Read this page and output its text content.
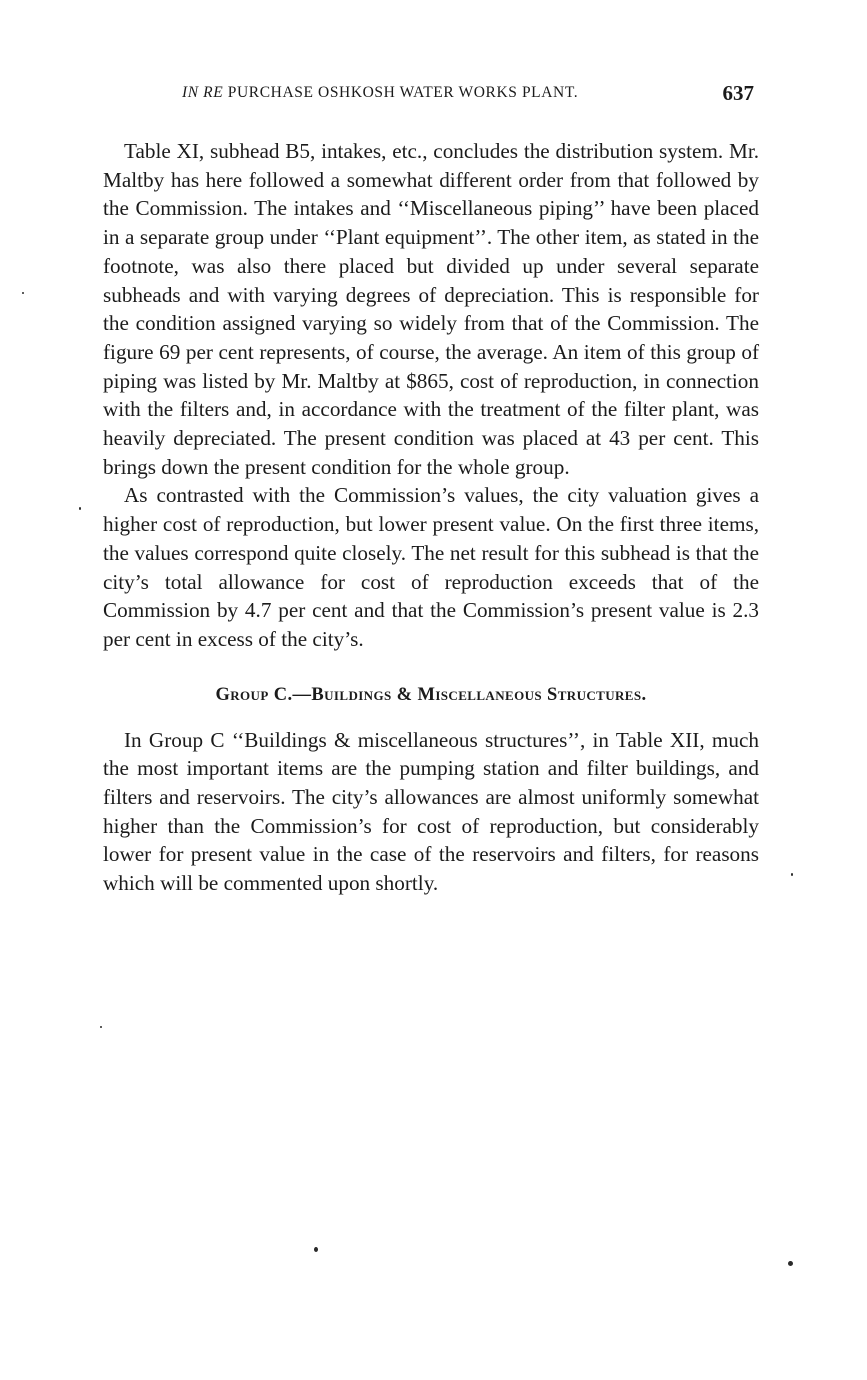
IN RE PURCHASE OSHKOSH WATER WORKS PLANT.	637

Table XI, subhead B5, intakes, etc., concludes the distribution system. Mr. Maltby has here followed a somewhat different order from that followed by the Commission. The intakes and ‘‘Miscellaneous piping’’ have been placed in a separate group under ‘‘Plant equipment’’. The other item, as stated in the footnote, was also there placed but divided up under several separate subheads and with varying degrees of depreciation. This is responsible for the condition assigned varying so widely from that of the Commission. The figure 69 per cent represents, of course, the average. An item of this group of piping was listed by Mr. Maltby at $865, cost of reproduction, in connection with the filters and, in accordance with the treatment of the filter plant, was heavily depreciated. The present condition was placed at 43 per cent. This brings down the present condition for the whole group.

As contrasted with the Commission’s values, the city valuation gives a higher cost of reproduction, but lower present value. On the first three items, the values correspond quite closely. The net result for this subhead is that the city’s total allowance for cost of reproduction exceeds that of the Commission by 4.7 per cent and that the Commission’s present value is 2.3 per cent in excess of the city’s.

Group C.—Buildings & Miscellaneous Structures.

In Group C ‘‘Buildings & miscellaneous structures’’, in Table XII, much the most important items are the pumping station and filter buildings, and filters and reservoirs. The city’s allowances are almost uniformly somewhat higher than the Commission’s for cost of reproduction, but considerably lower for present value in the case of the reservoirs and filters, for reasons which will be commented upon shortly.
